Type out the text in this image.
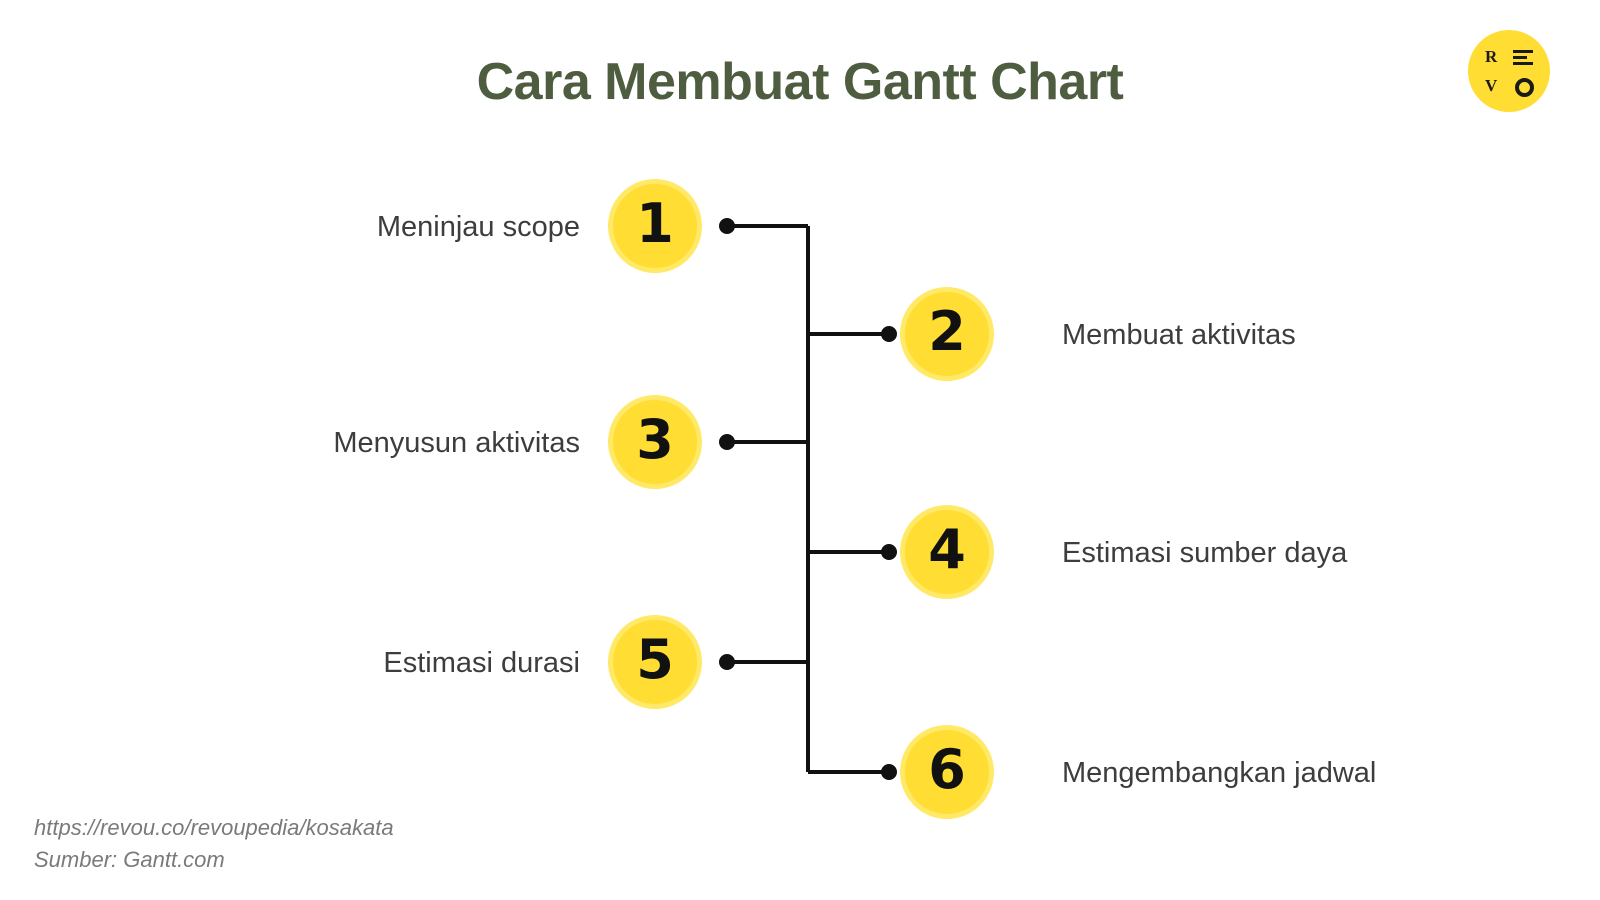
Cara Membuat Gantt Chart	R
V
1
Meninjau scope
2	Membuat aktivitas
3
Menyusun aktivitas
4	Estimasi sumber daya
5
Estimasi durasi
6	Mengembangkan jadwal
https://revou.co/revoupedia/kosakata
Sumber: Gantt.com
